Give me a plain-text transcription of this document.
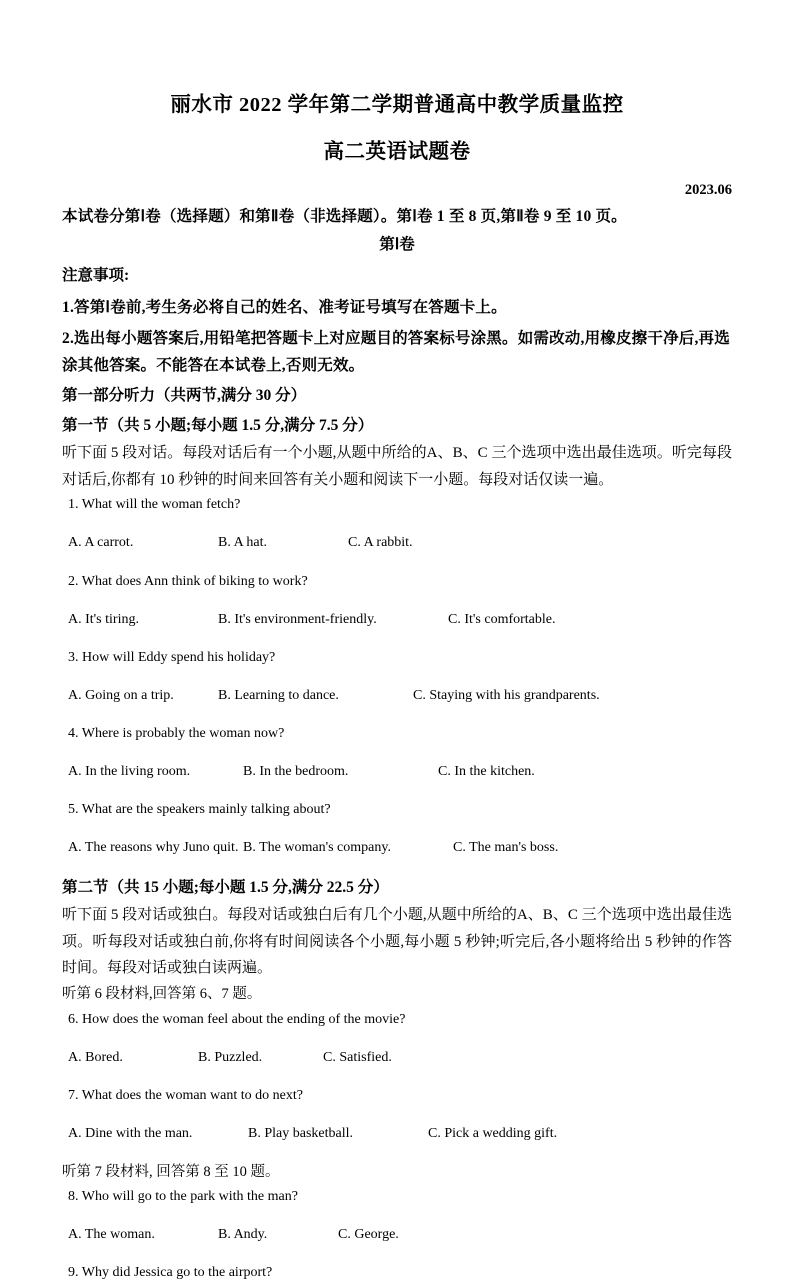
丽水市 2022 学年第二学期普通高中教学质量监控
高二英语试题卷
2023.06

本试卷分第Ⅰ卷（选择题）和第Ⅱ卷（非选择题）。第Ⅰ卷 1 至 8 页,第Ⅱ卷 9 至 10 页。

第Ⅰ卷

注意事项:

1.答第Ⅰ卷前,考生务必将自己的姓名、准考证号填写在答题卡上。

2.选出每小题答案后,用铅笔把答题卡上对应题目的答案标号涂黑。如需改动,用橡皮擦干净后,再选涂其他答案。不能答在本试卷上,否则无效。

第一部分听力（共两节,满分 30 分）

第一节（共 5 小题;每小题 1.5 分,满分 7.5 分）

听下面 5 段对话。每段对话后有一个小题,从题中所给的A、B、C 三个选项中选出最佳选项。听完每段对话后,你都有 10 秒钟的时间来回答有关小题和阅读下一小题。每段对话仅读一遍。

1. What will the woman fetch?

A. A carrot.	B. A hat.	C. A rabbit.

2. What does Ann think of biking to work?

A. It's tiring.	B. It's environment-friendly.	C. It's comfortable.

3. How will Eddy spend his holiday?

A. Going on a trip.	B. Learning to dance.	C. Staying with his grandparents.

4. Where is probably the woman now?

A. In the living room.	B. In the bedroom.	C. In the kitchen.

5. What are the speakers mainly talking about?

A. The reasons why Juno quit. B. The woman's company.	C. The man's boss.

第二节（共 15 小题;每小题 1.5 分,满分 22.5 分）

听下面 5 段对话或独白。每段对话或独白后有几个小题,从题中所给的A、B、C 三个选项中选出最佳选项。听每段对话或独白前,你将有时间阅读各个小题,每小题 5 秒钟;听完后,各小题将给出 5 秒钟的作答时间。每段对话或独白读两遍。

听第 6 段材料,回答第 6、7 题。

6. How does the woman feel about the ending of the movie?

A. Bored.	B. Puzzled.	C. Satisfied.

7. What does the woman want to do next?

A. Dine with the man.	B. Play basketball.	C. Pick a wedding gift.

听第 7 段材料, 回答第 8 至 10 题。

8. Who will go to the park with the man?

A. The woman.	B. Andy.	C. George.

9. Why did Jessica go to the airport?
